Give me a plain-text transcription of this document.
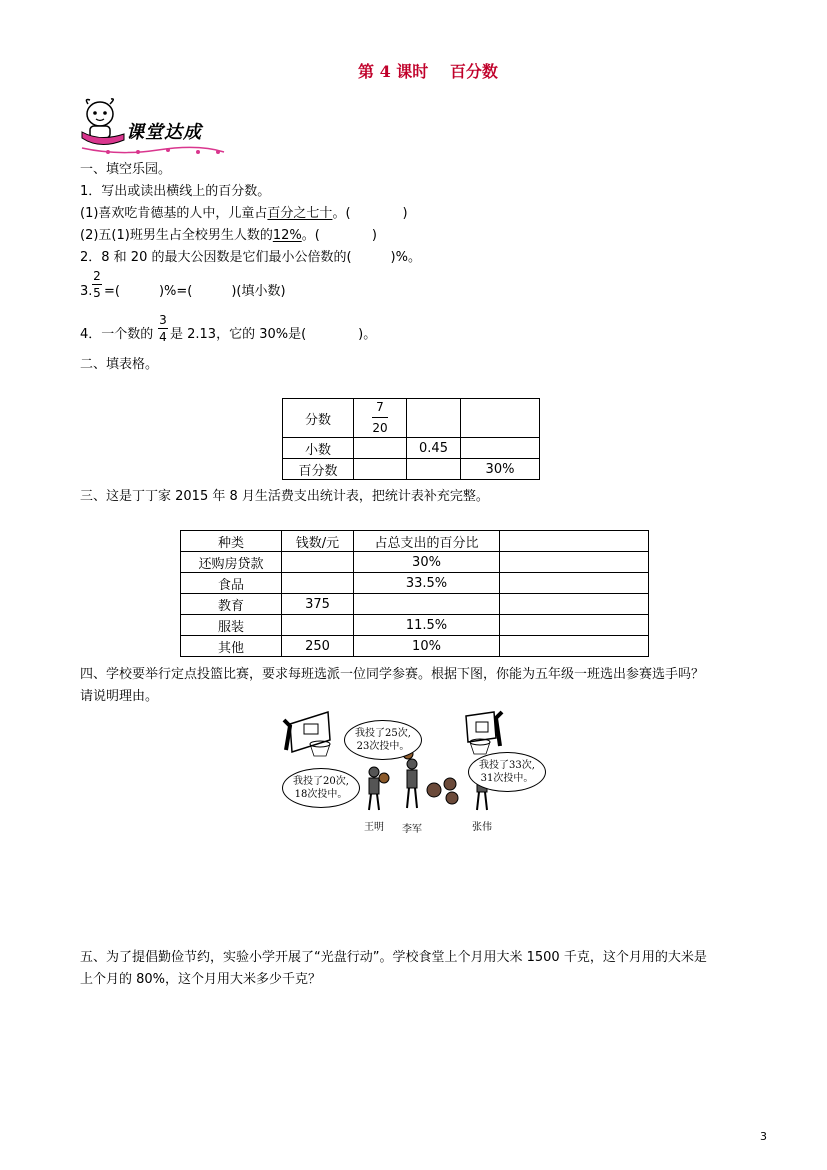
第 4 课时　 百分数
课堂达成
一、填空乐园。
1．写出或读出横线上的百分数。
(1)喜欢吃肯德基的人中，儿童占百分之七十。(　　　　)
(2)五(1)班男生占全校男生人数的12%。(　　　　)
2．8 和 20 的最大公因数是它们最小公倍数的(　　　)%。
3.
2
5 =(　　　)%=(　　　)(填小数)
4．一个数的
3
4 是 2.13，它的 30%是(　　　　)。
二、填表格。
分数	$\frac{7}{20}$

小数		0.45	
百分数			30%
三、这是丁丁家 2015 年 8 月生活费支出统计表，把统计表补充完整。
种类	钱数/元	占总支出的百分比	
还购房贷款		30%	
食品		33.5%	
教育	375		
服装		11.5%	
其他	250	10%	
四、学校要举行定点投篮比赛，要求每班选派一位同学参赛。根据下图，你能为五年级一班选出参赛选手吗？
请说明理由。
我投了25次,
23次投中。
我投了20次,
18次投中。
我投了33次,
31次投中。
王明 李军	张伟
五、为了提倡勤俭节约，实验小学开展了“光盘行动”。学校食堂上个月用大米 1500 千克，这个月用的大米是
上个月的 80%，这个月用大米多少千克？
3
